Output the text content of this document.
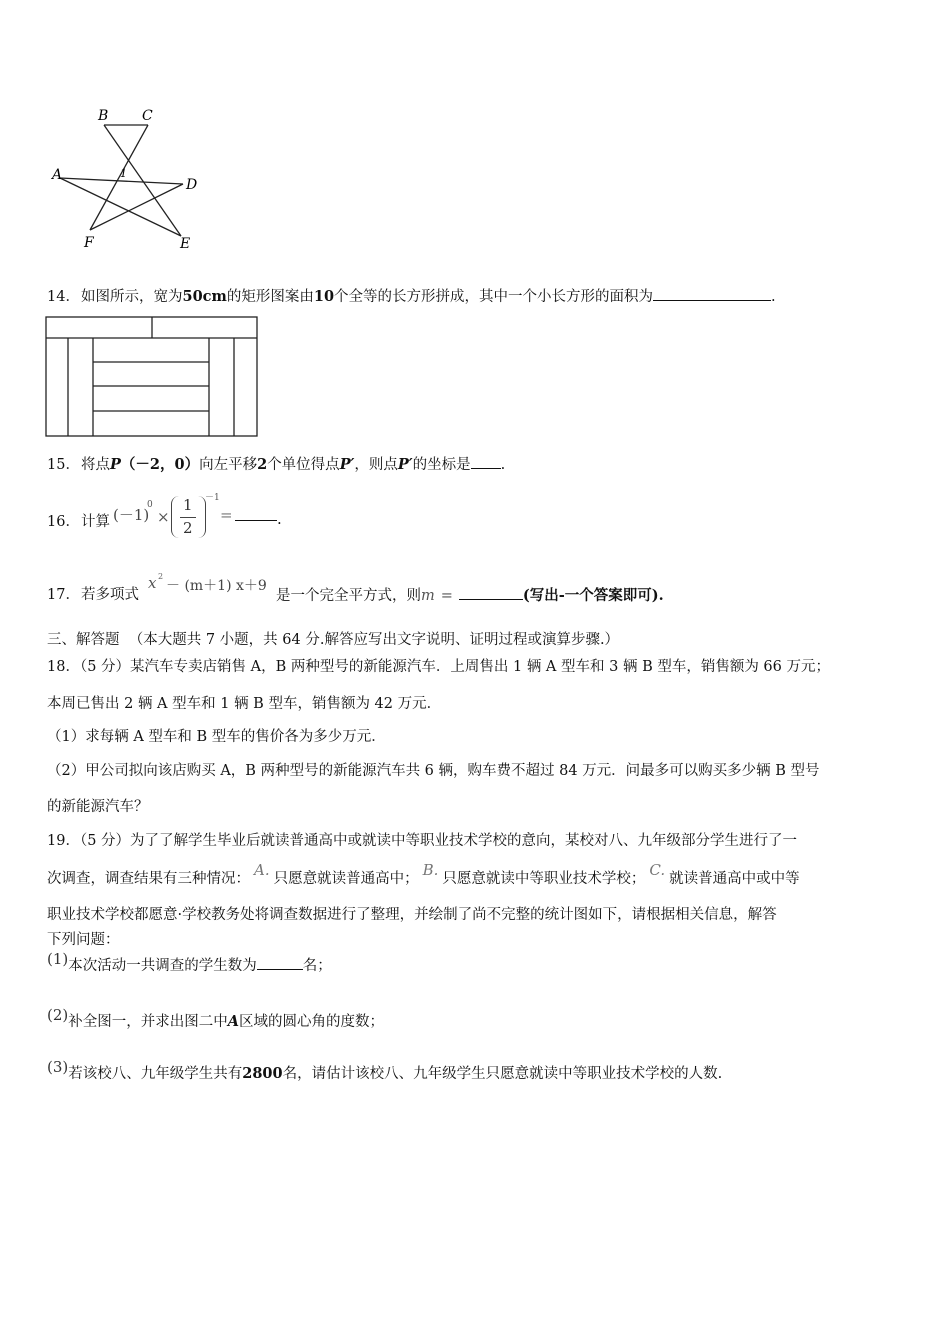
B C
A
D
F	E
1
14．如图所示，宽为50cm的矩形图案由10个全等的长方形拼成，其中一个小长方形的面积为	.
15．将点P（－2，0）向左平移2个单位得点P′，则点P′的坐标是 .
16．计算 (－1)
0
×
1
2
－1
=	.
17．若多项式
x 2
－ (m＋1) x＋9
是一个完全平方式，则m =	(写出-一个答案即可).
三、解答题 （本大题共 7 小题，共 64 分.解答应写出文字说明、证明过程或演算步骤.）
18．（5 分）某汽车专卖店销售 A，B 两种型号的新能源汽车．上周售出 1 辆 A 型车和 3 辆 B 型车，销售额为 66 万元；
本周已售出 2 辆 A 型车和 1 辆 B 型车，销售额为 42 万元．
（1）求每辆 A 型车和 B 型车的售价各为多少万元．
（2）甲公司拟向该店购买 A，B 两种型号的新能源汽车共 6 辆，购车费不超过 84 万元．问最多可以购买多少辆 B 型号
的新能源汽车？
19．（5 分）为了了解学生毕业后就读普通高中或就读中等职业技术学校的意向，某校对八、九年级部分学生进行了一
次调查，调查结果有三种情况： A. 只愿意就读普通高中； B. 只愿意就读中等职业技术学校； C. 就读普通高中或中等
职业技术学校都愿意·学校教务处将调查数据进行了整理，并绘制了尚不完整的统计图如下，请根据相关信息，解答
下列问题：
(1)本次活动一共调查的学生数为	名；
(2)补全图一，并求出图二中A区域的圆心角的度数；
(3)若该校八、九年级学生共有2800名，请估计该校八、九年级学生只愿意就读中等职业技术学校的人数.
